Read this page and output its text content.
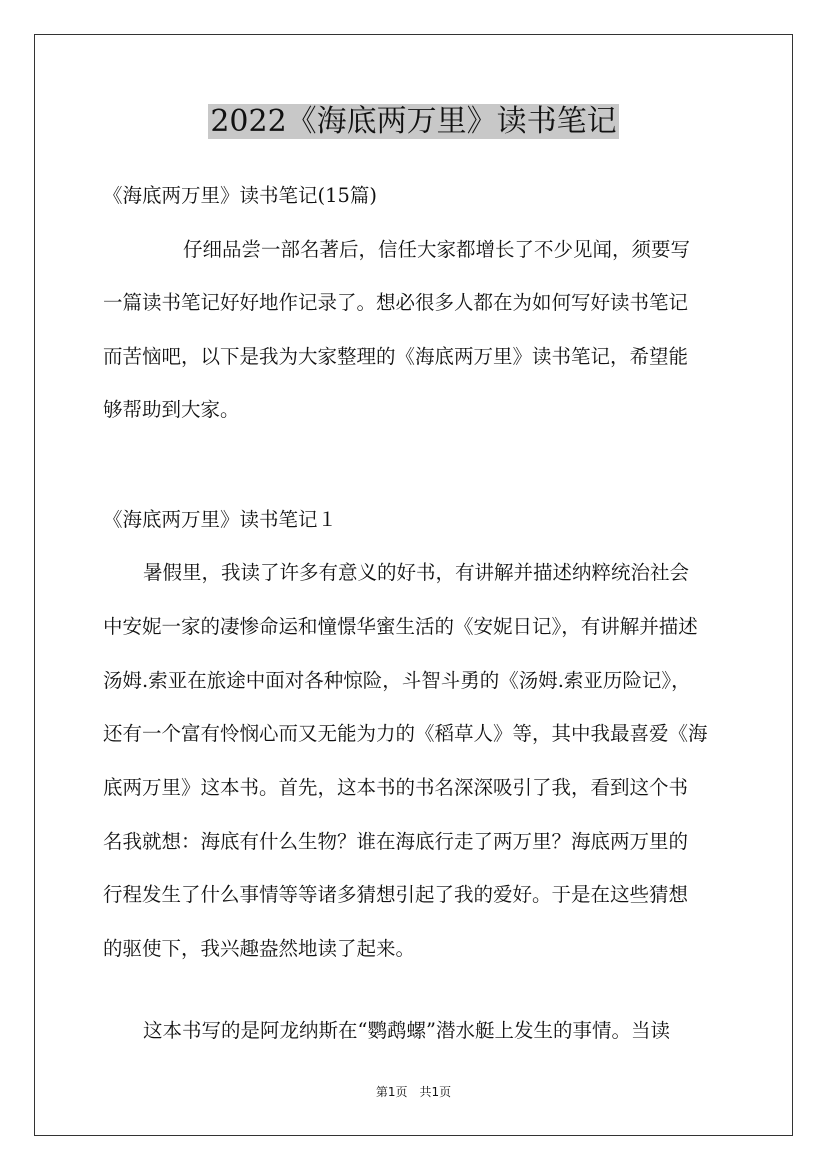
2022《海底两万里》读书笔记
《海底两万里》读书笔记(15篇)
仔细品尝一部名著后，信任大家都增长了不少见闻，须要写
一篇读书笔记好好地作记录了。想必很多人都在为如何写好读书笔记
而苦恼吧，以下是我为大家整理的《海底两万里》读书笔记，希望能
够帮助到大家。
《海底两万里》读书笔记１
暑假里，我读了许多有意义的好书，有讲解并描述纳粹统治社会
中安妮一家的凄惨命运和憧憬华蜜生活的《安妮日记》，有讲解并描述
汤姆.索亚在旅途中面对各种惊险，斗智斗勇的《汤姆.索亚历险记》，
还有一个富有怜悯心而又无能为力的《稻草人》等，其中我最喜爱《海
底两万里》这本书。首先，这本书的书名深深吸引了我，看到这个书
名我就想：海底有什么生物？谁在海底行走了两万里？海底两万里的
行程发生了什么事情等等诸多猜想引起了我的爱好。于是在这些猜想
的驱使下，我兴趣盎然地读了起来。
这本书写的是阿龙纳斯在“鹦鹉螺”潜水艇上发生的事情。当读
第1页　共1页
